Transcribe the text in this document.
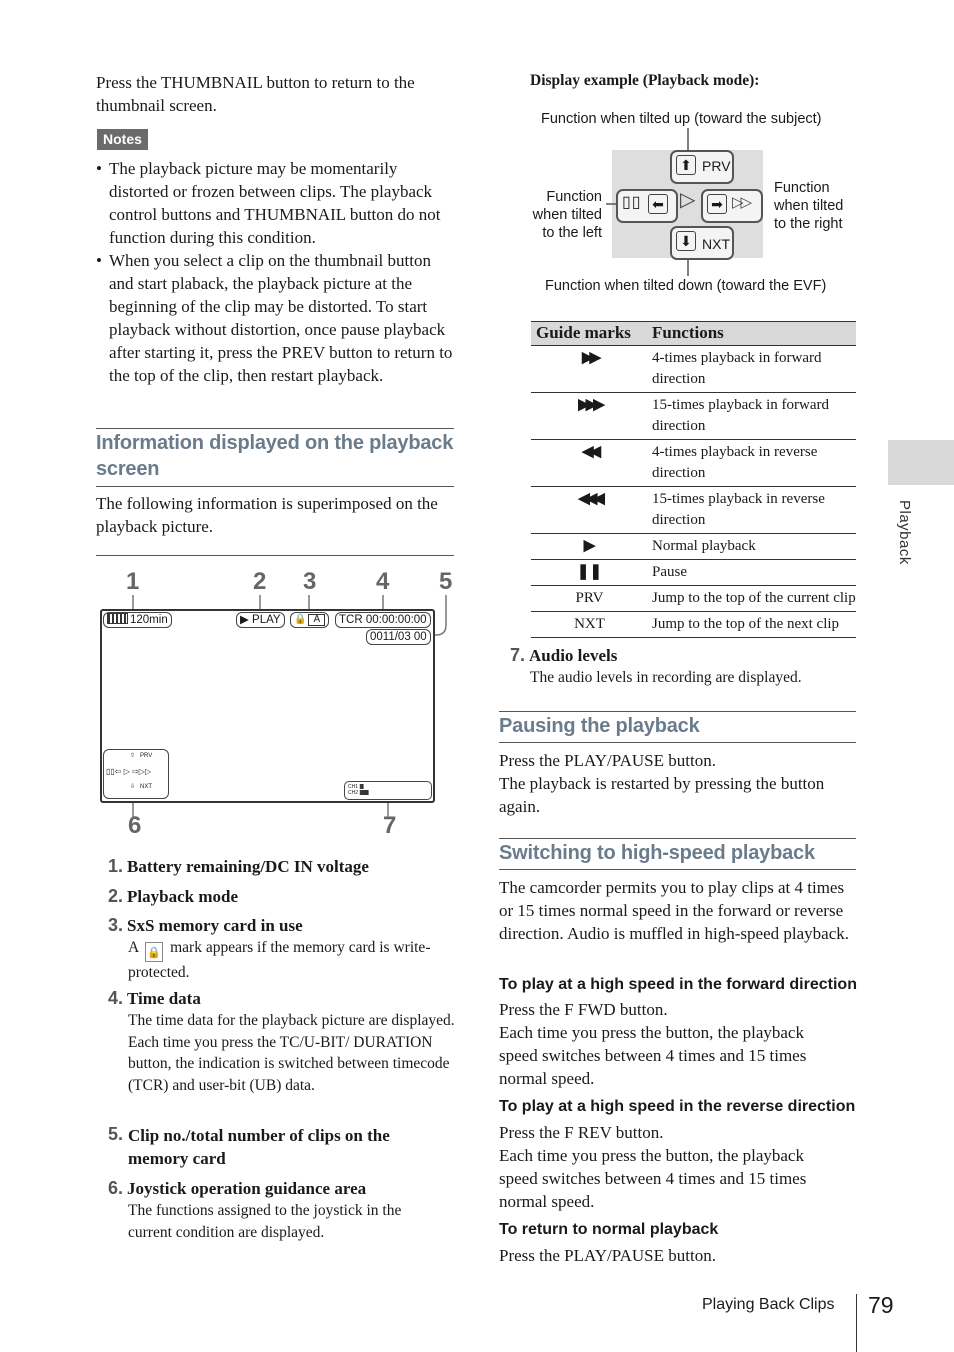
Press the THUMBNAIL button to return to the thumbnail screen.
Notes
• The playback picture may be momentarily distorted or frozen between clips. The playback control buttons and THUMBNAIL button do not function during this condition.
• When you select a clip on the thumbnail button and start plaback, the playback picture at the beginning of the clip may be distorted. To start playback without distortion, once pause playback after starting it, press the PREV button to return to the top of the clip, then restart playback.
Information displayed on the playback screen
The following information is superimposed on the playback picture.
1	2 3 4 5
6	7
120min	▶ PLAY	🔒 A	TCR 00:00:00:00
0011/03 00
⇧ PRV
▯▯⇦ ▷ ⇨▷▷
⇩ NXT	CH1 ||||||||||||
CH2 |||||||||||||||||||||||||||||
1. Battery remaining/DC IN voltage
2. Playback mode
3. SxS memory card in use
A 🔒 mark appears if the memory card is write-protected.
4. Time data
The time data for the playback picture are displayed. Each time you press the TC/U-BIT/ DURATION button, the indication is switched between timecode (TCR) and user-bit (UB) data.
5. Clip no./total number of clips on the memory card
6. Joystick operation guidance area
The functions assigned to the joystick in the current condition are displayed.
Display example (Playback mode):
Function when tilted up (toward the subject)
⬆ PRV
▯▯ ⬅ ▷ ➡ ▷▷
⬇ NXT
Function
when tilted
to the left
Function
when tilted
to the right
Function when tilted down (toward the EVF)
Guide marks	Functions
▶▶	4-times playback in forward direction
▶▶▶	15-times playback in forward direction
◀◀	4-times playback in reverse direction
◀◀◀	15-times playback in reverse direction
▶	Normal playback
❚❚	Pause
PRV	Jump to the top of the current clip
NXT	Jump to the top of the next clip
7. Audio levels
The audio levels in recording are displayed.
Pausing the playback
Press the PLAY/PAUSE button.
The playback is restarted by pressing the button again.
Switching to high-speed playback
The camcorder permits you to play clips at 4 times or 15 times normal speed in the forward or reverse direction. Audio is muffled in high-speed playback.
To play at a high speed in the forward direction
Press the F FWD button.
Each time you press the button, the playback speed switches between 4 times and 15 times normal speed.
To play at a high speed in the reverse direction
Press the F REV button.
Each time you press the button, the playback speed switches between 4 times and 15 times normal speed.
To return to normal playback
Press the PLAY/PAUSE button.
Playback
Playing Back Clips 79
